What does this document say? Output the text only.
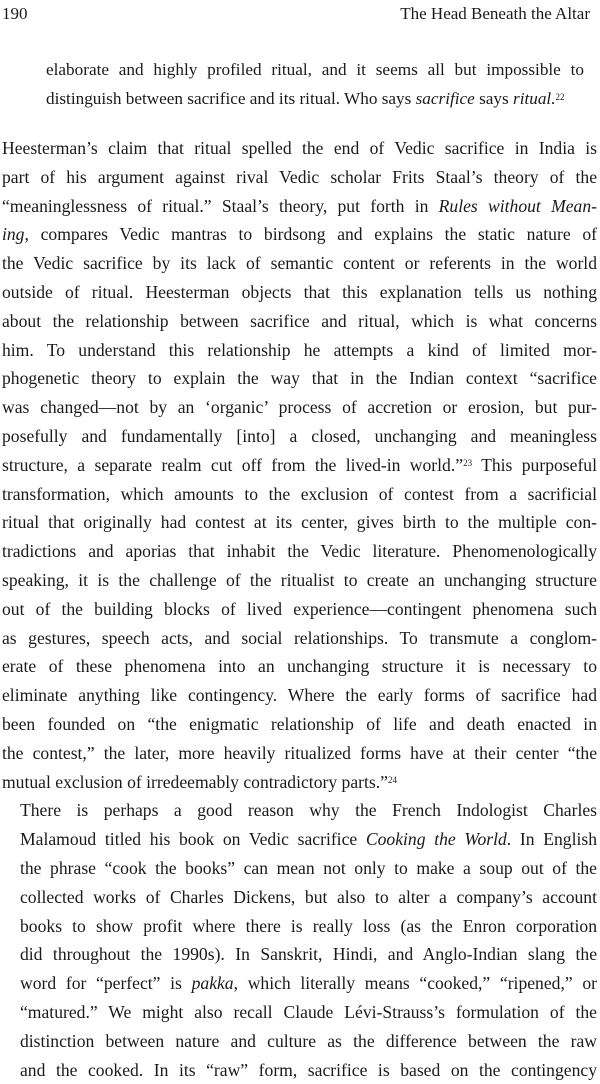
190	The Head Beneath the Altar

elaborate and highly profiled ritual, and it seems all but impossible to
distinguish between sacrifice and its ritual. Who says sacrifice says ritual.$^{22}$

Heesterman’s claim that ritual spelled the end of Vedic sacrifice in India is
part of his argument against rival Vedic scholar Frits Staal’s theory of the
“meaninglessness of ritual.” Staal’s theory, put forth in Rules without Mean-
ing, compares Vedic mantras to birdsong and explains the static nature of
the Vedic sacrifice by its lack of semantic content or referents in the world
outside of ritual. Heesterman objects that this explanation tells us nothing
about the relationship between sacrifice and ritual, which is what concerns
him. To understand this relationship he attempts a kind of limited mor-
phogenetic theory to explain the way that in the Indian context “sacrifice
was changed—not by an ‘organic’ process of accretion or erosion, but pur-
posefully and fundamentally [into] a closed, unchanging and meaningless
structure, a separate realm cut off from the lived-in world.”$^{23}$ This purposeful
transformation, which amounts to the exclusion of contest from a sacrificial
ritual that originally had contest at its center, gives birth to the multiple con-
tradictions and aporias that inhabit the Vedic literature. Phenomenologically
speaking, it is the challenge of the ritualist to create an unchanging structure
out of the building blocks of lived experience—contingent phenomena such
as gestures, speech acts, and social relationships. To transmute a conglom-
erate of these phenomena into an unchanging structure it is necessary to
eliminate anything like contingency. Where the early forms of sacrifice had
been founded on “the enigmatic relationship of life and death enacted in
the contest,” the later, more heavily ritualized forms have at their center “the
mutual exclusion of irredeemably contradictory parts.”$^{24}$

There is perhaps a good reason why the French Indologist Charles
Malamoud titled his book on Vedic sacrifice Cooking the World. In English
the phrase “cook the books” can mean not only to make a soup out of the
collected works of Charles Dickens, but also to alter a company’s account
books to show profit where there is really loss (as the Enron corporation
did throughout the 1990s). In Sanskrit, Hindi, and Anglo-Indian slang the
word for “perfect” is pakka, which literally means “cooked,” “ripened,” or
“matured.” We might also recall Claude Lévi-Strauss’s formulation of the
distinction between nature and culture as the difference between the raw
and the cooked. In its “raw” form, sacrifice is based on the contingency
